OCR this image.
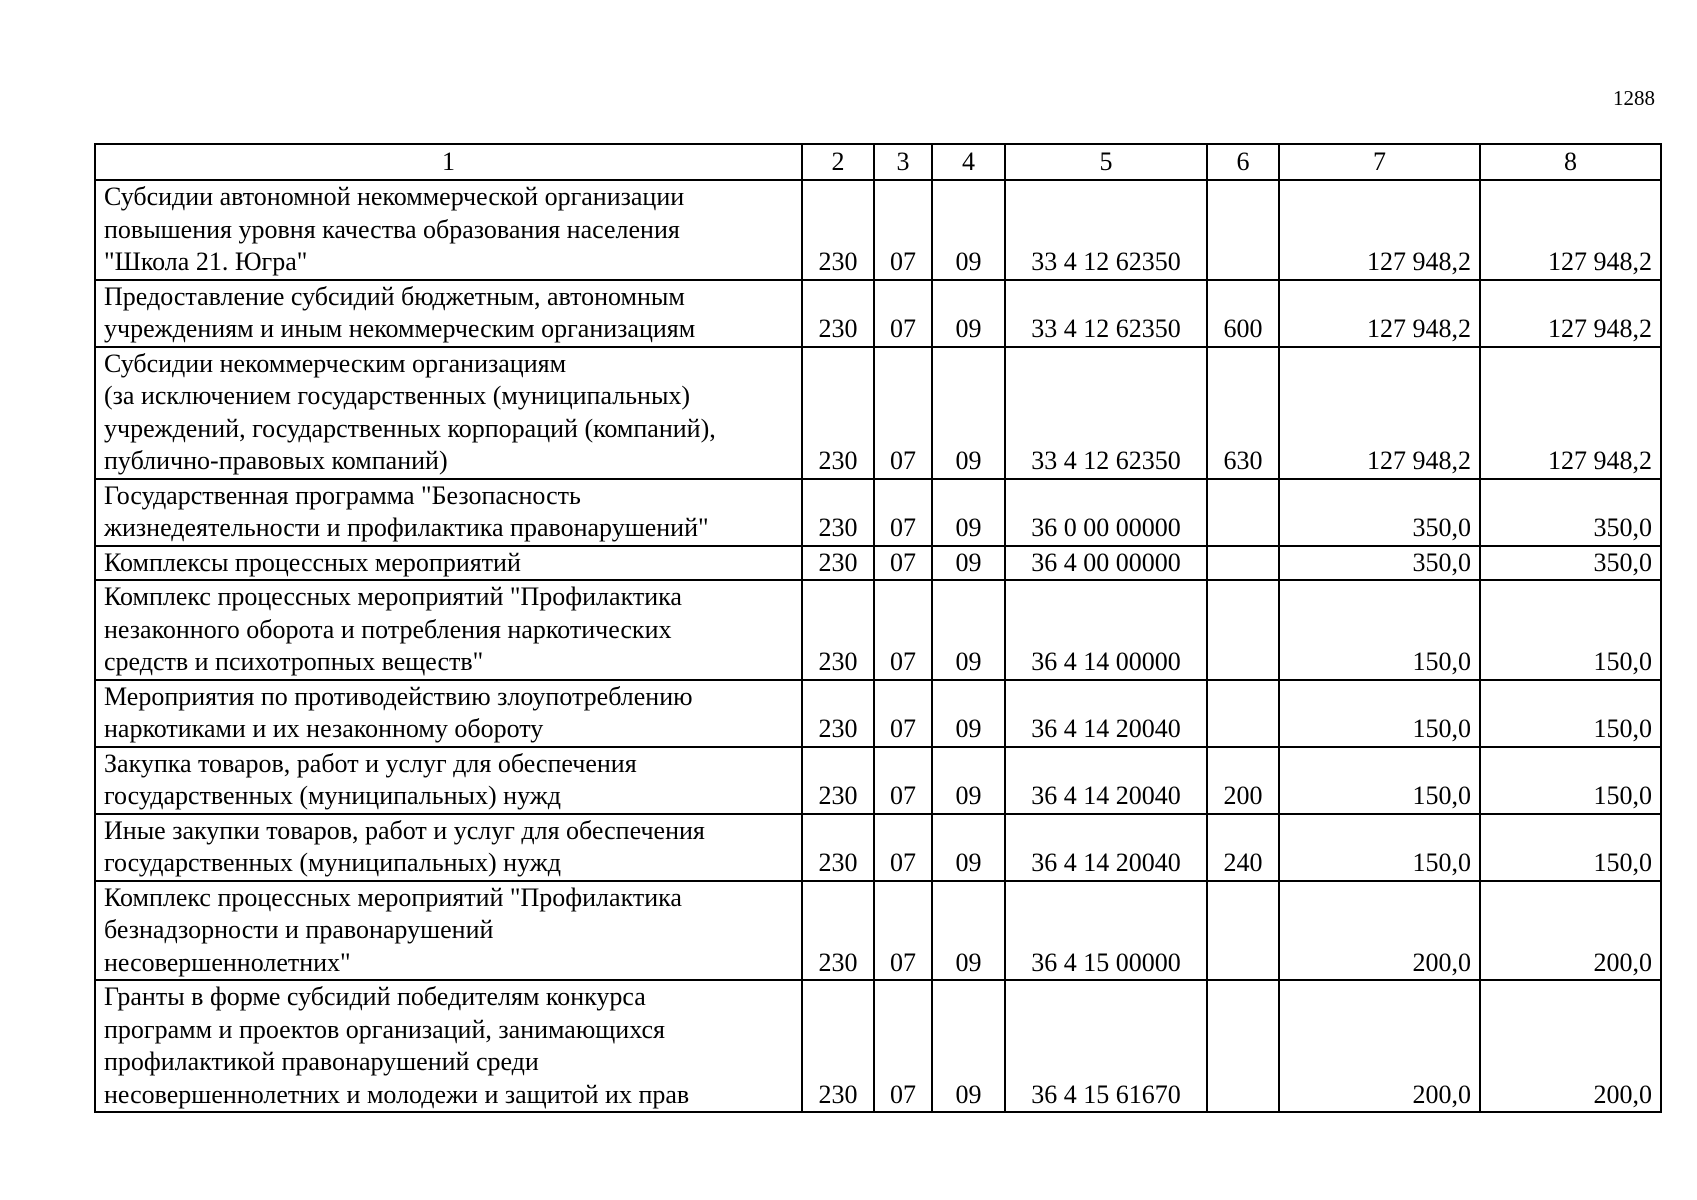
1288
1	2	3	4	5	6	7	8
Субсидии автономной некоммерческой организации
повышения уровня качества образования населения
"Школа 21. Югра"	230	07	09	33 4 12 62350		127 948,2	127 948,2
Предоставление субсидий бюджетным, автономным
учреждениям и иным некоммерческим организациям	230	07	09	33 4 12 62350	600	127 948,2	127 948,2
Субсидии некоммерческим организациям
(за исключением государственных (муниципальных)
учреждений, государственных корпораций (компаний),
публично-правовых компаний)	230	07	09	33 4 12 62350	630	127 948,2	127 948,2
Государственная программа "Безопасность
жизнедеятельности и профилактика правонарушений"	230	07	09	36 0 00 00000		350,0	350,0
Комплексы процессных мероприятий	230	07	09	36 4 00 00000		350,0	350,0
Комплекс процессных мероприятий "Профилактика
незаконного оборота и потребления наркотических
средств и психотропных веществ"	230	07	09	36 4 14 00000		150,0	150,0
Мероприятия по противодействию злоупотреблению
наркотиками и их незаконному обороту	230	07	09	36 4 14 20040		150,0	150,0
Закупка товаров, работ и услуг для обеспечения
государственных (муниципальных) нужд	230	07	09	36 4 14 20040	200	150,0	150,0
Иные закупки товаров, работ и услуг для обеспечения
государственных (муниципальных) нужд	230	07	09	36 4 14 20040	240	150,0	150,0
Комплекс процессных мероприятий "Профилактика
безнадзорности и правонарушений
несовершеннолетних"	230	07	09	36 4 15 00000		200,0	200,0
Гранты в форме субсидий победителям конкурса
программ и проектов организаций, занимающихся
профилактикой правонарушений среди
несовершеннолетних и молодежи и защитой их прав	230	07	09	36 4 15 61670		200,0	200,0
